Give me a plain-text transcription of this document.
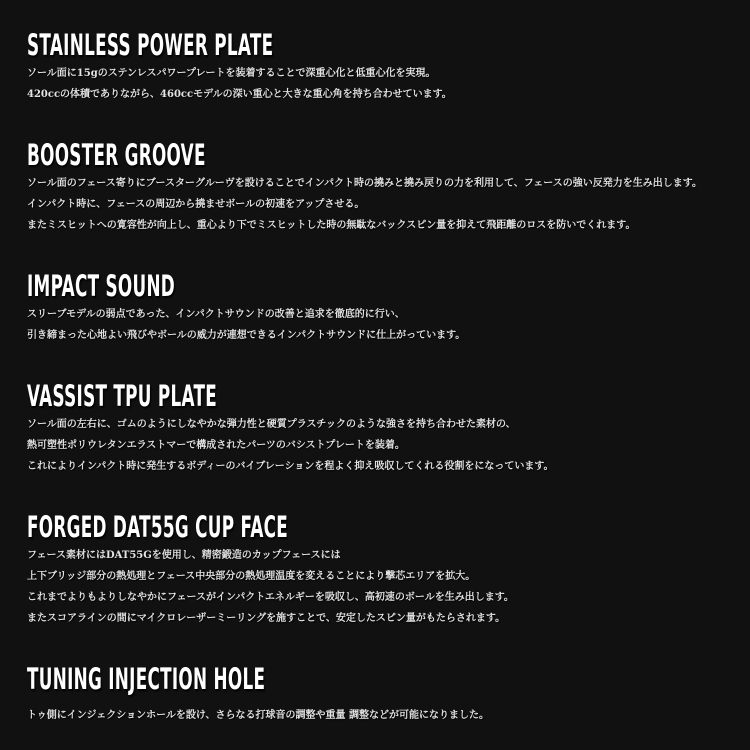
STAINLESS POWER PLATE

ソール面に15gのステンレスパワープレートを装着することで深重心化と低重心化を実現。

420ccの体積でありながら、460ccモデルの深い重心と大きな重心角を持ち合わせています。

BOOSTER GROOVE

ソール面のフェース寄りにブースターグルーヴを設けることでインパクト時の撓みと撓み戻りの力を利用して、フェースの強い反発力を生み出します。

インパクト時に、フェースの周辺から撓ませボールの初速をアップさせる。

またミスヒットへの寛容性が向上し、重心より下でミスヒットした時の無駄なバックスピン量を抑えて飛距離のロスを防いでくれます。

IMPACT SOUND

スリーブモデルの弱点であった、インパクトサウンドの改善と追求を徹底的に行い、

引き締まった心地よい飛びやボールの威力が連想できるインパクトサウンドに仕上がっています。

VASSIST TPU PLATE

ソール面の左右に、ゴムのようにしなやかな弾力性と硬質プラスチックのような強さを持ち合わせた素材の、

熱可塑性ポリウレタンエラストマーで構成されたパーツのバシストプレートを装着。

これによりインパクト時に発生するボディーのバイブレーションを程よく抑え吸収してくれる役割をになっています。

FORGED DAT55G CUP FACE

フェース素材にはDAT55Gを使用し、精密鍛造のカップフェースには

上下ブリッジ部分の熱処理とフェース中央部分の熱処理温度を変えることにより撃芯エリアを拡大。

これまでよりもよりしなやかにフェースがインパクトエネルギーを吸収し、高初速のボールを生み出します。

またスコアラインの間にマイクロレーザーミーリングを施すことで、安定したスピン量がもたらされます。

TUNING INJECTION HOLE

トゥ側にインジェクションホールを設け、さらなる打球音の調整や重量 調整などが可能になりました。
